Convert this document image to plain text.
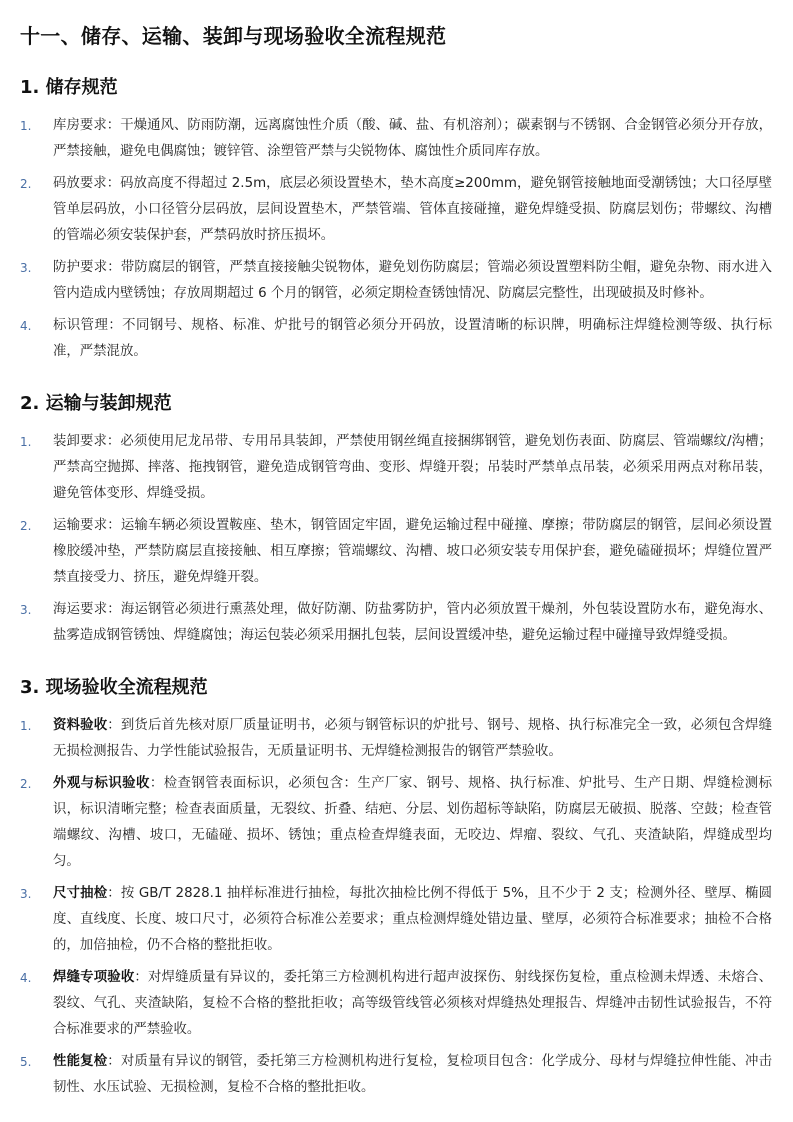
十一、储存、运输、装卸与现场验收全流程规范
1. 储存规范
1.	库房要求：干燥通风、防雨防潮，远离腐蚀性介质（酸、碱、盐、有机溶剂）；碳素钢与不锈钢、合金钢管必须分开存放，严禁接触，避免电偶腐蚀；镀锌管、涂塑管严禁与尖锐物体、腐蚀性介质同库存放。
2.	码放要求：码放高度不得超过 2.5m，底层必须设置垫木，垫木高度≥200mm，避免钢管接触地面受潮锈蚀；大口径厚壁管单层码放，小口径管分层码放，层间设置垫木，严禁管端、管体直接碰撞，避免焊缝受损、防腐层划伤；带螺纹、沟槽的管端必须安装保护套，严禁码放时挤压损坏。
3.	防护要求：带防腐层的钢管，严禁直接接触尖锐物体，避免划伤防腐层；管端必须设置塑料防尘帽，避免杂物、雨水进入管内造成内壁锈蚀；存放周期超过 6 个月的钢管，必须定期检查锈蚀情况、防腐层完整性，出现破损及时修补。
4.	标识管理：不同钢号、规格、标准、炉批号的钢管必须分开码放，设置清晰的标识牌，明确标注焊缝检测等级、执行标准，严禁混放。
2. 运输与装卸规范
1.	装卸要求：必须使用尼龙吊带、专用吊具装卸，严禁使用钢丝绳直接捆绑钢管，避免划伤表面、防腐层、管端螺纹/沟槽；严禁高空抛掷、摔落、拖拽钢管，避免造成钢管弯曲、变形、焊缝开裂；吊装时严禁单点吊装，必须采用两点对称吊装，避免管体变形、焊缝受损。
2.	运输要求：运输车辆必须设置鞍座、垫木，钢管固定牢固，避免运输过程中碰撞、摩擦；带防腐层的钢管，层间必须设置橡胶缓冲垫，严禁防腐层直接接触、相互摩擦；管端螺纹、沟槽、坡口必须安装专用保护套，避免磕碰损坏；焊缝位置严禁直接受力、挤压，避免焊缝开裂。
3.	海运要求：海运钢管必须进行熏蒸处理，做好防潮、防盐雾防护，管内必须放置干燥剂，外包装设置防水布，避免海水、盐雾造成钢管锈蚀、焊缝腐蚀；海运包装必须采用捆扎包装，层间设置缓冲垫，避免运输过程中碰撞导致焊缝受损。
3. 现场验收全流程规范
1.	资料验收：到货后首先核对原厂质量证明书，必须与钢管标识的炉批号、钢号、规格、执行标准完全一致，必须包含焊缝无损检测报告、力学性能试验报告，无质量证明书、无焊缝检测报告的钢管严禁验收。
2.	外观与标识验收：检查钢管表面标识，必须包含：生产厂家、钢号、规格、执行标准、炉批号、生产日期、焊缝检测标识，标识清晰完整；检查表面质量，无裂纹、折叠、结疤、分层、划伤超标等缺陷，防腐层无破损、脱落、空鼓；检查管端螺纹、沟槽、坡口，无磕碰、损坏、锈蚀；重点检查焊缝表面，无咬边、焊瘤、裂纹、气孔、夹渣缺陷，焊缝成型均匀。
3.	尺寸抽检：按 GB/T 2828.1 抽样标准进行抽检，每批次抽检比例不得低于 5%，且不少于 2 支；检测外径、壁厚、椭圆度、直线度、长度、坡口尺寸，必须符合标准公差要求；重点检测焊缝处错边量、壁厚，必须符合标准要求；抽检不合格的，加倍抽检，仍不合格的整批拒收。
4.	焊缝专项验收：对焊缝质量有异议的，委托第三方检测机构进行超声波探伤、射线探伤复检，重点检测未焊透、未熔合、裂纹、气孔、夹渣缺陷，复检不合格的整批拒收；高等级管线管必须核对焊缝热处理报告、焊缝冲击韧性试验报告，不符合标准要求的严禁验收。
5.	性能复检：对质量有异议的钢管，委托第三方检测机构进行复检，复检项目包含：化学成分、母材与焊缝拉伸性能、冲击韧性、水压试验、无损检测，复检不合格的整批拒收。
